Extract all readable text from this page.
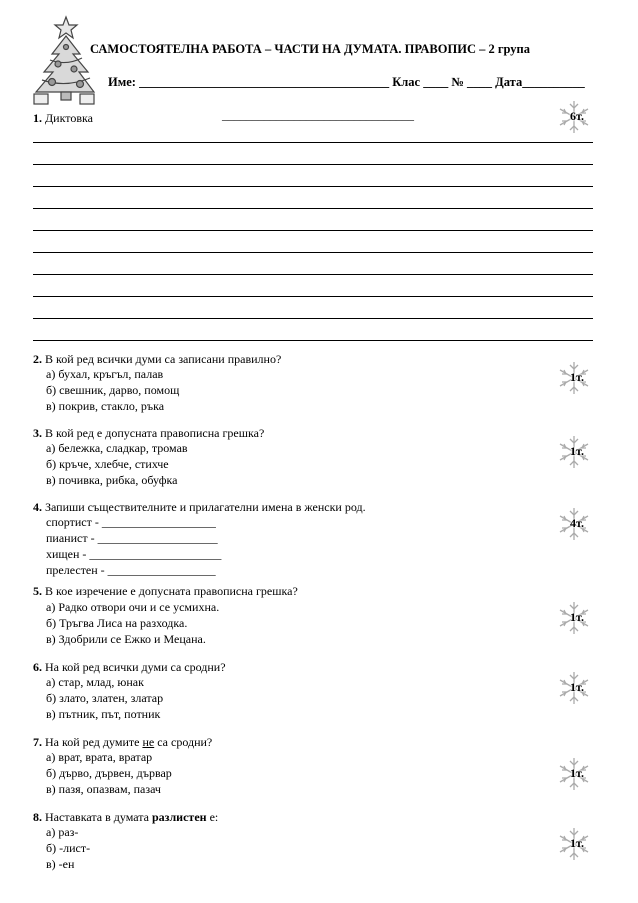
САМОСТОЯТЕЛНА РАБОТА – ЧАСТИ НА ДУМАТА. ПРАВОПИС – 2 група
Име: ________________________________________ Клас ____ № ____ Дата__________
1. Диктовка	________________________________
2. В кой ред всички думи са записани правилно?
а) бухал, кръгъл, палав
б) свешник, дарво, помощ
в) покрив, стакло, ръка
3. В кой ред е допусната правописна грешка?
а) бележка, сладкар, тромав
б) кръче, хлебче, стихче
в) почивка, рибка, обуфка
4. Запиши съществителните и прилагателни имена в женски род.
спортист - ___________________
пианист - ____________________
хищен - ______________________
прелестен - __________________
5. В кое изречение е допусната правописна грешка?
а) Радко отвори очи и се усмихна.
б) Тръгва Лиса на разходка.
в) Здобрили се Ежко и Мецана.
6. На кой ред всички думи са сродни?
а) стар, млад, юнак
б) злато, златен, златар
в) пътник, път, потник
7. На кой ред думите не са сродни?
а) врат, врата, вратар
б) дърво, дървен, дървар
в) пазя, опазвам, пазач
8. Наставката в думата разлистен е:
а) раз-
б) -лист-
в) -ен
6т.
1т.
1т.
4т.
1т.
1т.
1т.
1т.
